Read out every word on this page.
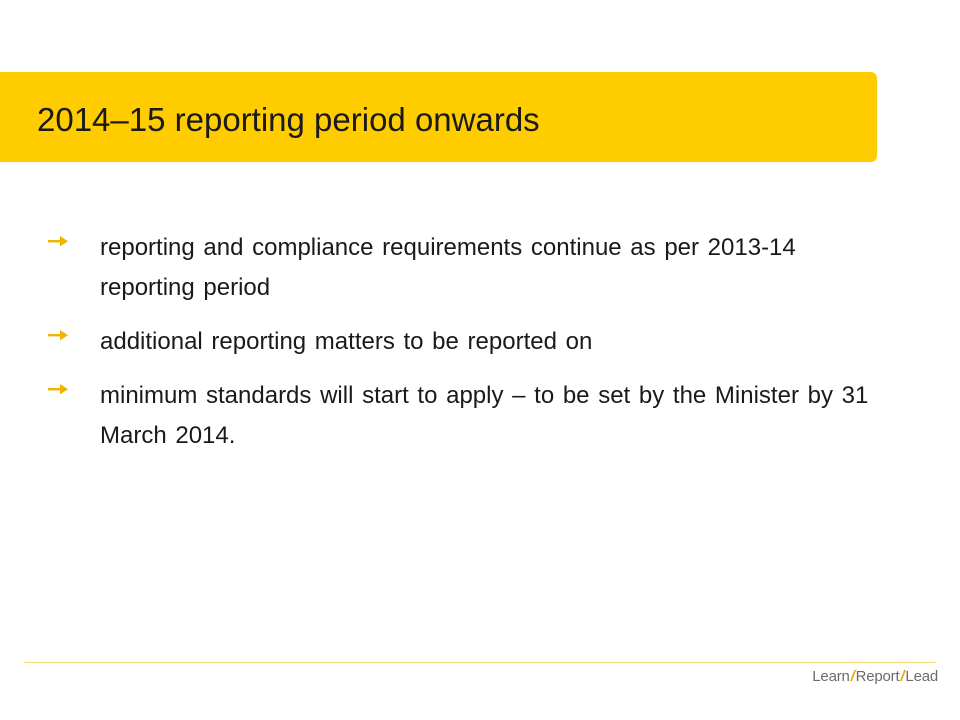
2014–15 reporting period onwards
reporting and compliance requirements continue as per 2013-14 reporting period
additional reporting matters to be reported on
minimum standards will start to apply – to be set by the Minister by 31 March 2014.
Learn/Report/Lead
